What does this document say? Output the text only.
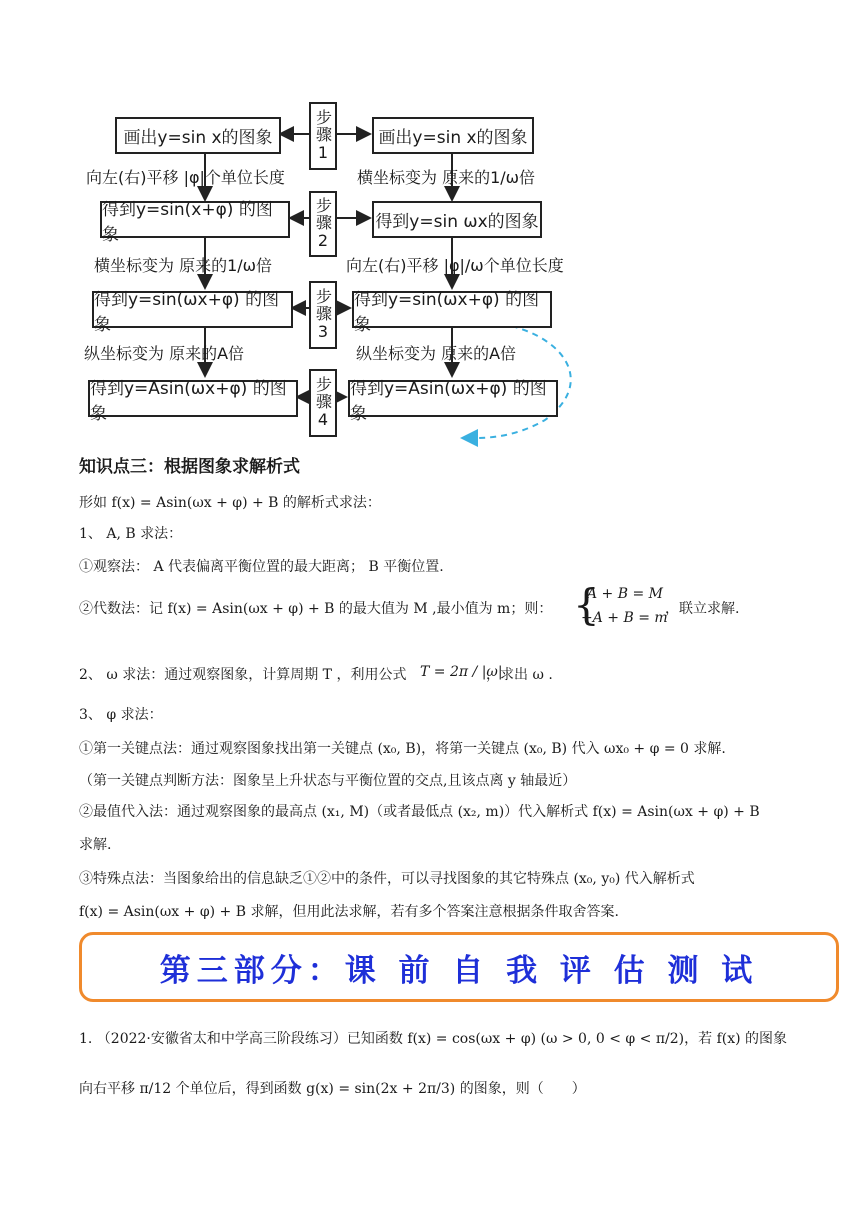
画出y=sin x的图象
得到y=sin(x+φ) 的图象
得到y=sin(ωx+φ) 的图象
得到y=Asin(ωx+φ) 的图象
画出y=sin x的图象
得到y=sin ωx的图象
得到y=sin(ωx+φ) 的图象
得到y=Asin(ωx+φ) 的图象
步骤1
步骤2
步骤3
步骤4
向左(右)平移 |φ|个单位长度	横坐标变为 原来的1/ω倍
横坐标变为 原来的1/ω倍	向左(右)平移 |φ|/ω个单位长度
纵坐标变为 原来的A倍	纵坐标变为 原来的A倍
知识点三：根据图象求解析式
形如 f(x) = Asin(ωx + φ) + B 的解析式求法：
1、 A, B 求法：
①观察法： A 代表偏离平衡位置的最大距离； B 平衡位置.
②代数法：记 f(x) = Asin(ωx + φ) + B 的最大值为 M ,最小值为 m；则： {
A + B = M
−A + B = m
，联立求解.
2、 ω 求法：通过观察图象，计算周期 T ，利用公式 T = 2π / |ω|
，求出 ω .
3、 φ 求法：
①第一关键点法：通过观察图象找出第一关键点 (x₀, B)，将第一关键点 (x₀, B) 代入 ωx₀ + φ = 0 求解.
（第一关键点判断方法：图象呈上升状态与平衡位置的交点,且该点离 y 轴最近）
②最值代入法：通过观察图象的最高点 (x₁, M)（或者最低点 (x₂, m)）代入解析式 f(x) = Asin(ωx + φ) + B
求解.
③特殊点法：当图象给出的信息缺乏①②中的条件，可以寻找图象的其它特殊点 (x₀, y₀) 代入解析式
f(x) = Asin(ωx + φ) + B 求解，但用此法求解，若有多个答案注意根据条件取舍答案.
第三部分：课 前 自 我 评 估 测 试
1. （2022·安徽省太和中学高三阶段练习）已知函数 f(x) = cos(ωx + φ) (ω > 0, 0 < φ < π/2)，若 f(x) 的图象
向右平移 π/12 个单位后，得到函数 g(x) = sin(2x + 2π/3) 的图象，则（　　）
